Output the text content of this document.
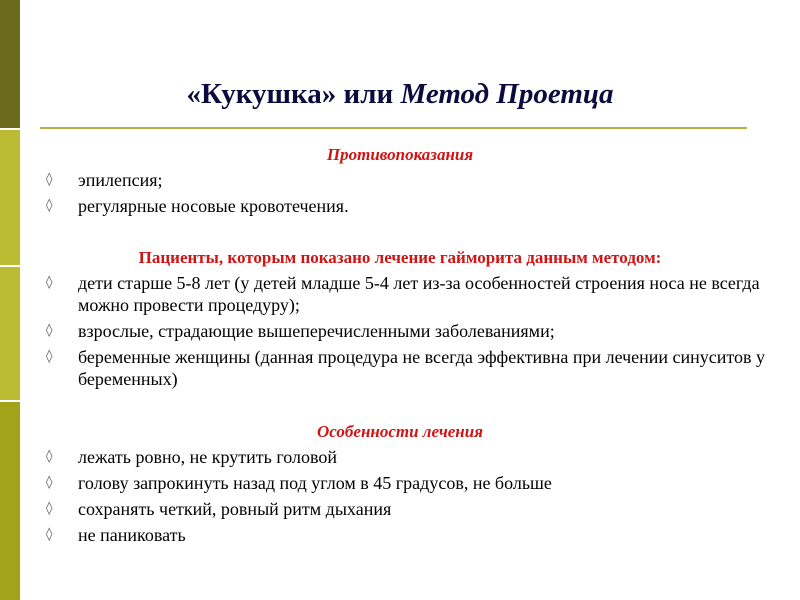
«Кукушка» или Метод Проетца
Противопоказания
◊ эпилепсия;
◊ регулярные носовые кровотечения.
Пациенты, которым показано лечение гайморита данным методом:
◊ дети старше 5-8 лет (у детей младше 5-4 лет из-за особенностей строения носа не всегда можно провести процедуру);
◊ взрослые, страдающие вышеперечисленными заболеваниями;
◊ беременные женщины (данная процедура не всегда эффективна при лечении синуситов у беременных)
Особенности лечения
◊ лежать ровно, не крутить головой
◊ голову запрокинуть назад под углом в 45 градусов, не больше
◊ сохранять четкий, ровный ритм дыхания
◊ не паниковать
